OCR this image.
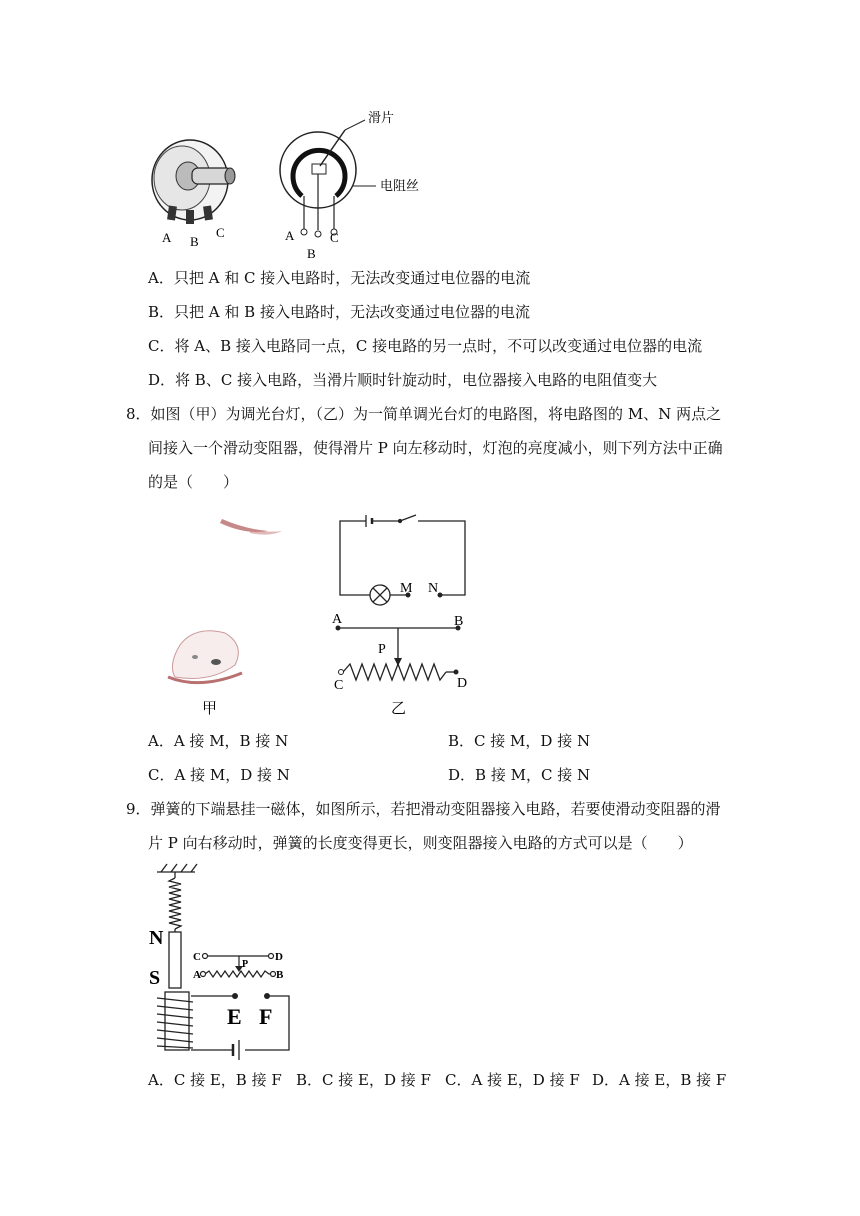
A B
C	A
B
C
滑片
电阻丝
A．只把 A 和 C 接入电路时，无法改变通过电位器的电流
B．只把 A 和 B 接入电路时，无法改变通过电位器的电流
C．将 A、B 接入电路同一点，C 接电路的另一点时，不可以改变通过电位器的电流
D．将 B、C 接入电路，当滑片顺时针旋动时，电位器接入电路的电阻值变大
8．如图（甲）为调光台灯，（乙）为一简单调光台灯的电路图，将电路图的 M、N 两点之
间接入一个滑动变阻器，使得滑片 P 向左移动时，灯泡的亮度减小，则下列方法中正确
的是（　　）
甲
M N
A	B
P
C	D
乙
A．A 接 M，B 接 N	B．C 接 M，D 接 N
C．A 接 M，D 接 N	D．B 接 M，C 接 N
9．弹簧的下端悬挂一磁体，如图所示，若把滑动变阻器接入电路，若要使滑动变阻器的滑
片 P 向右移动时，弹簧的长度变得更长，则变阻器接入电路的方式可以是（　　）
N
S
C	D
P
A	B
E F
A．C 接 E，B 接 F B．C 接 E，D 接 F C．A 接 E，D 接 F D．A 接 E，B 接 F
